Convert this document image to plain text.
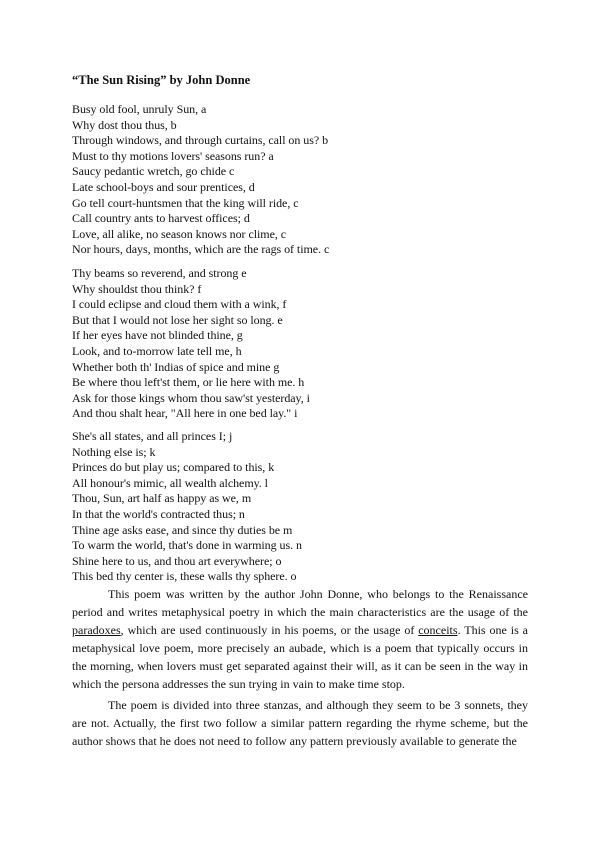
“The Sun Rising” by John Donne

Busy old fool, unruly Sun, a
Why dost thou thus, b
Through windows, and through curtains, call on us? b
Must to thy motions lovers' seasons run? a
Saucy pedantic wretch, go chide c
Late school-boys and sour prentices, d
Go tell court-huntsmen that the king will ride, c
Call country ants to harvest offices; d
Love, all alike, no season knows nor clime, c
Nor hours, days, months, which are the rags of time. c
Thy beams so reverend, and strong e
Why shouldst thou think? f
I could eclipse and cloud them with a wink, f
But that I would not lose her sight so long. e
If her eyes have not blinded thine, g
Look, and to-morrow late tell me, h
Whether both th' Indias of spice and mine g
Be where thou left'st them, or lie here with me. h
Ask for those kings whom thou saw'st yesterday, i
And thou shalt hear, "All here in one bed lay." i
She's all states, and all princes I; j
Nothing else is; k
Princes do but play us; compared to this, k
All honour's mimic, all wealth alchemy. l
Thou, Sun, art half as happy as we, m
In that the world's contracted thus; n
Thine age asks ease, and since thy duties be m
To warm the world, that's done in warming us. n
Shine here to us, and thou art everywhere; o
This bed thy center is, these walls thy sphere. o

This poem was written by the author John Donne, who belongs to the Renaissance period and writes metaphysical poetry in which the main characteristics are the usage of the paradoxes, which are used continuously in his poems, or the usage of conceits. This one is a metaphysical love poem, more precisely an aubade, which is a poem that typically occurs in the morning, when lovers must get separated against their will, as it can be seen in the way in which the persona addresses the sun trying in vain to make time stop.

The poem is divided into three stanzas, and although they seem to be 3 sonnets, they are not. Actually, the first two follow a similar pattern regarding the rhyme scheme, but the author shows that he does not need to follow any pattern previously available to generate the
